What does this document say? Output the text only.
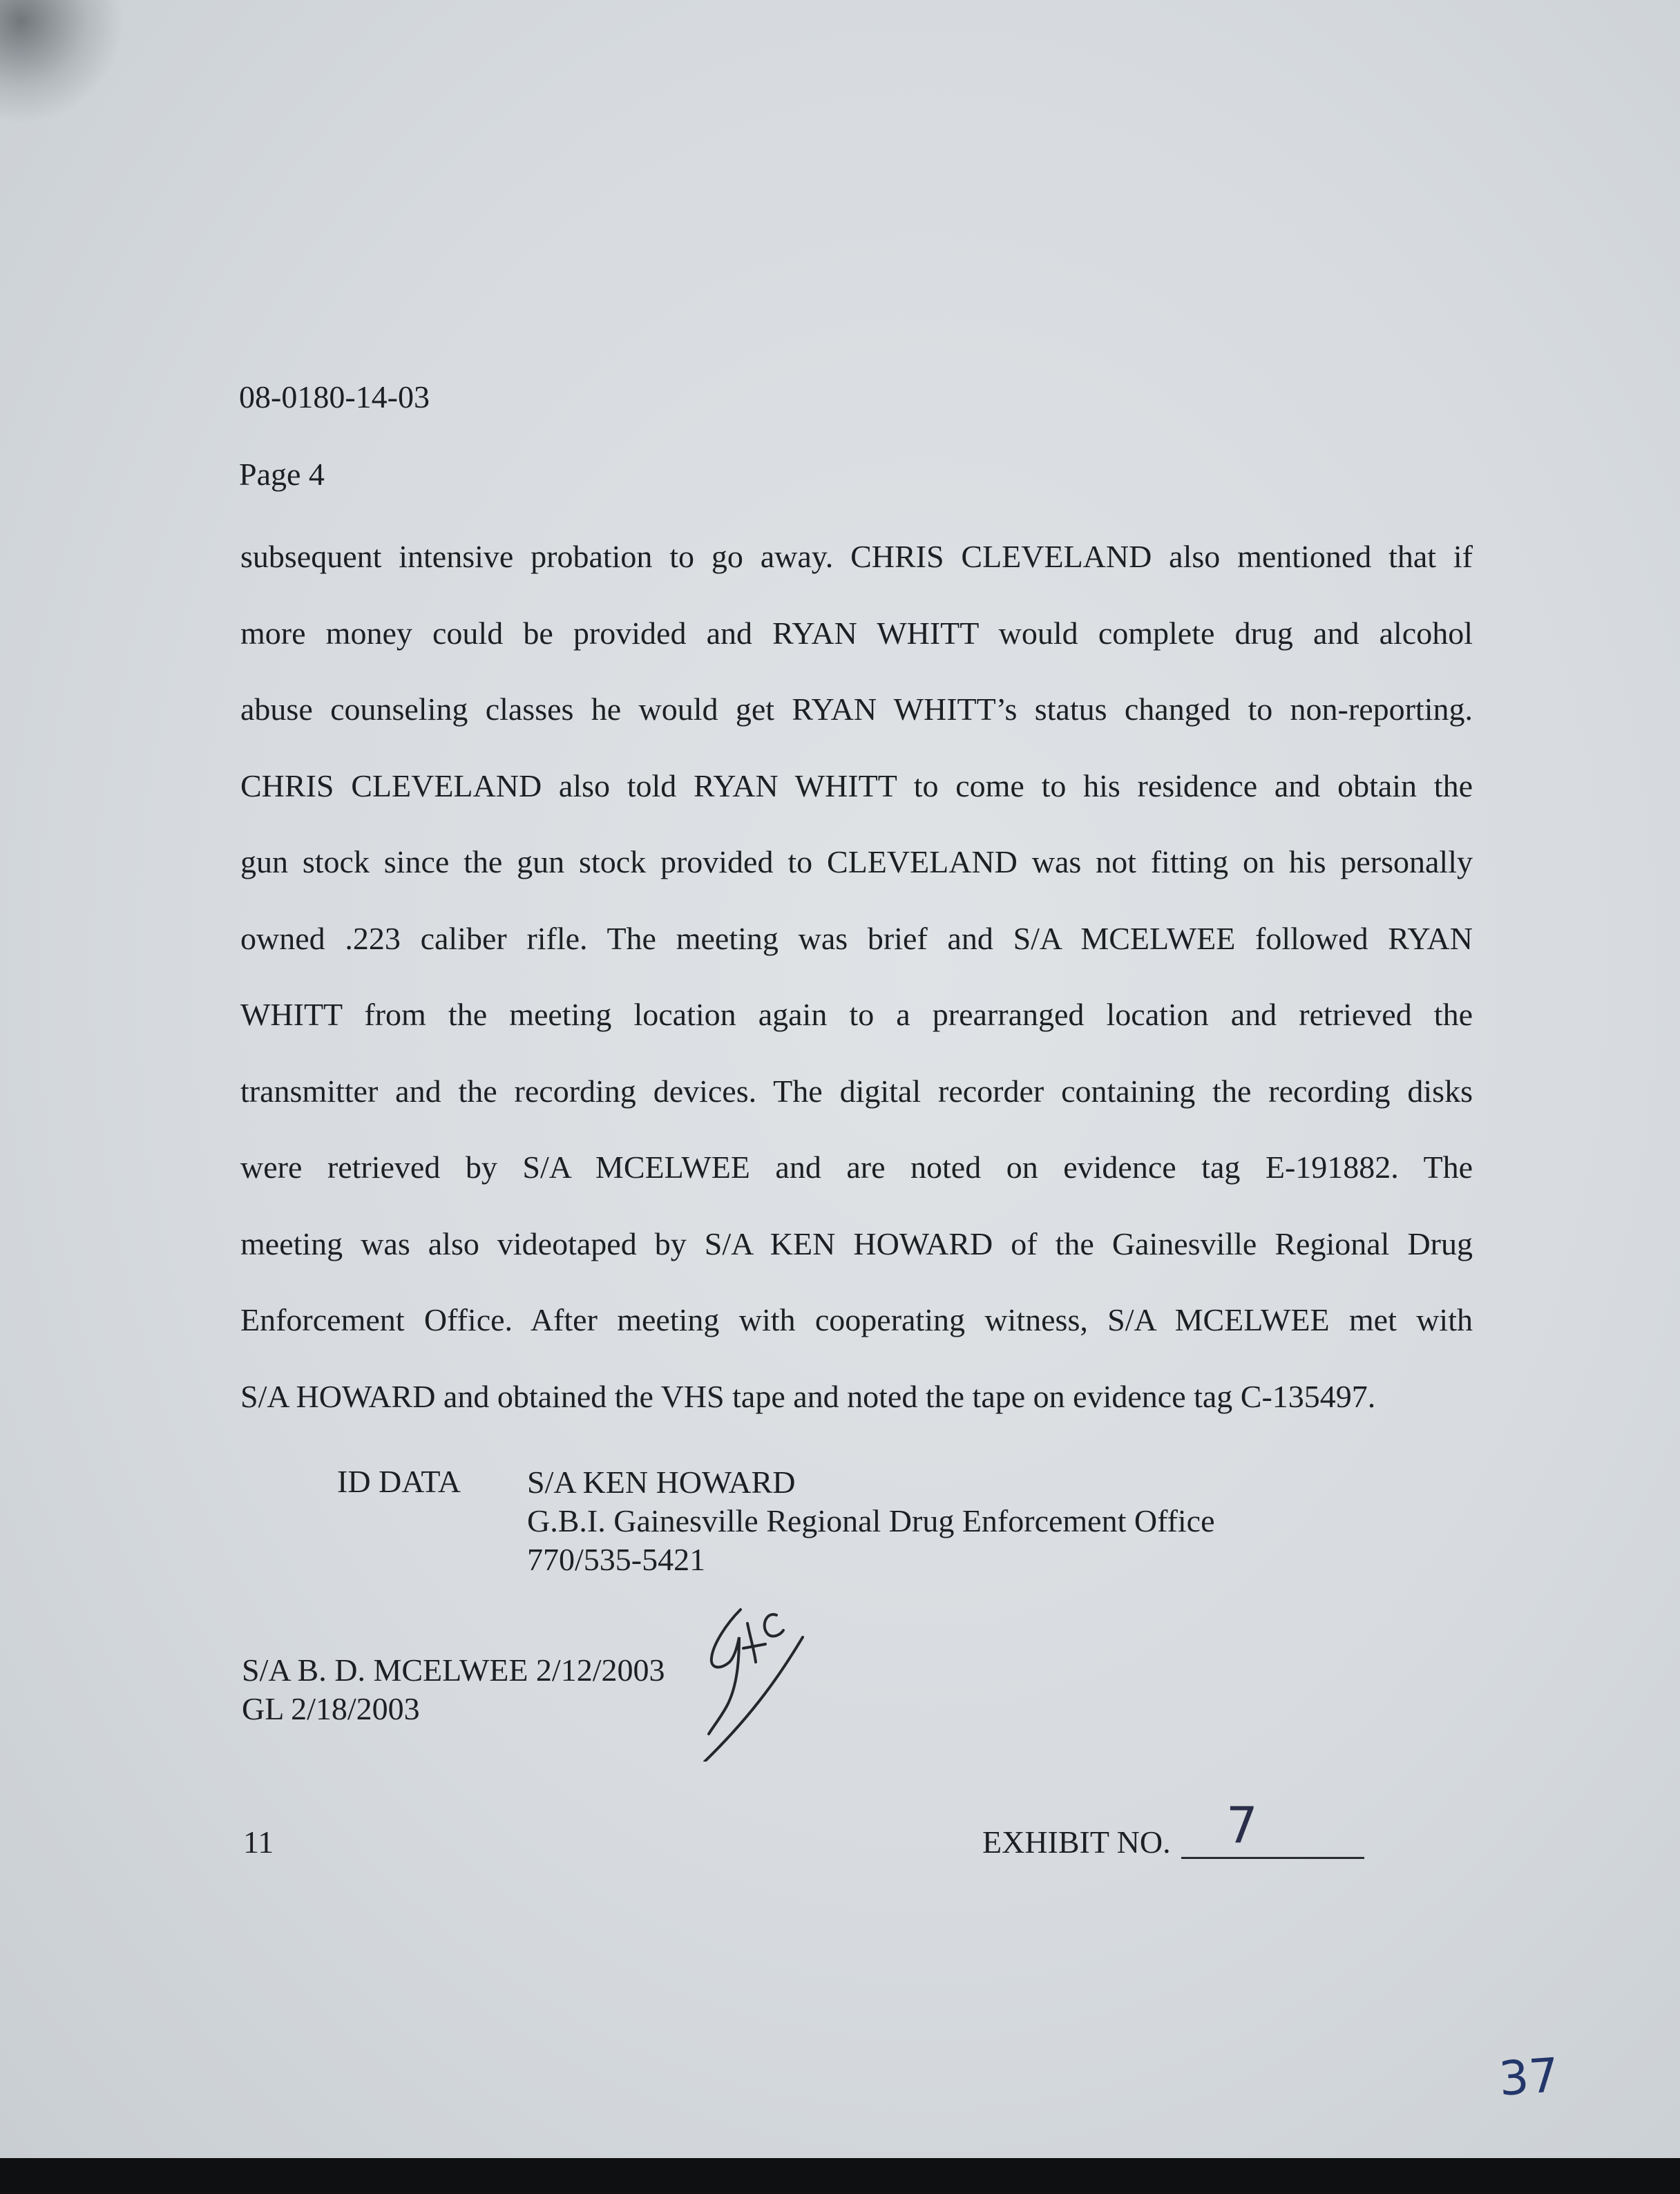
08-0180-14-03
Page 4
subsequent intensive probation to go away. CHRIS CLEVELAND also mentioned that if
more money could be provided and RYAN WHITT would complete drug and alcohol
abuse counseling classes he would get RYAN WHITT’s status changed to non-reporting.
CHRIS CLEVELAND also told RYAN WHITT to come to his residence and obtain the
gun stock since the gun stock provided to CLEVELAND was not fitting on his personally
owned .223 caliber rifle. The meeting was brief and S/A MCELWEE followed RYAN
WHITT from the meeting location again to a prearranged location and retrieved the
transmitter and the recording devices. The digital recorder containing the recording disks
were retrieved by S/A MCELWEE and are noted on evidence tag E-191882. The
meeting was also videotaped by S/A KEN HOWARD of the Gainesville Regional Drug
Enforcement Office. After meeting with cooperating witness, S/A MCELWEE met with
S/A HOWARD and obtained the VHS tape and noted the tape on evidence tag C-135497.
ID DATA S/A KEN HOWARD
G.B.I. Gainesville Regional Drug Enforcement Office
770/535-5421
S/A B. D. MCELWEE 2/12/2003
GL 2/18/2003
11	EXHIBIT NO. 7
37
